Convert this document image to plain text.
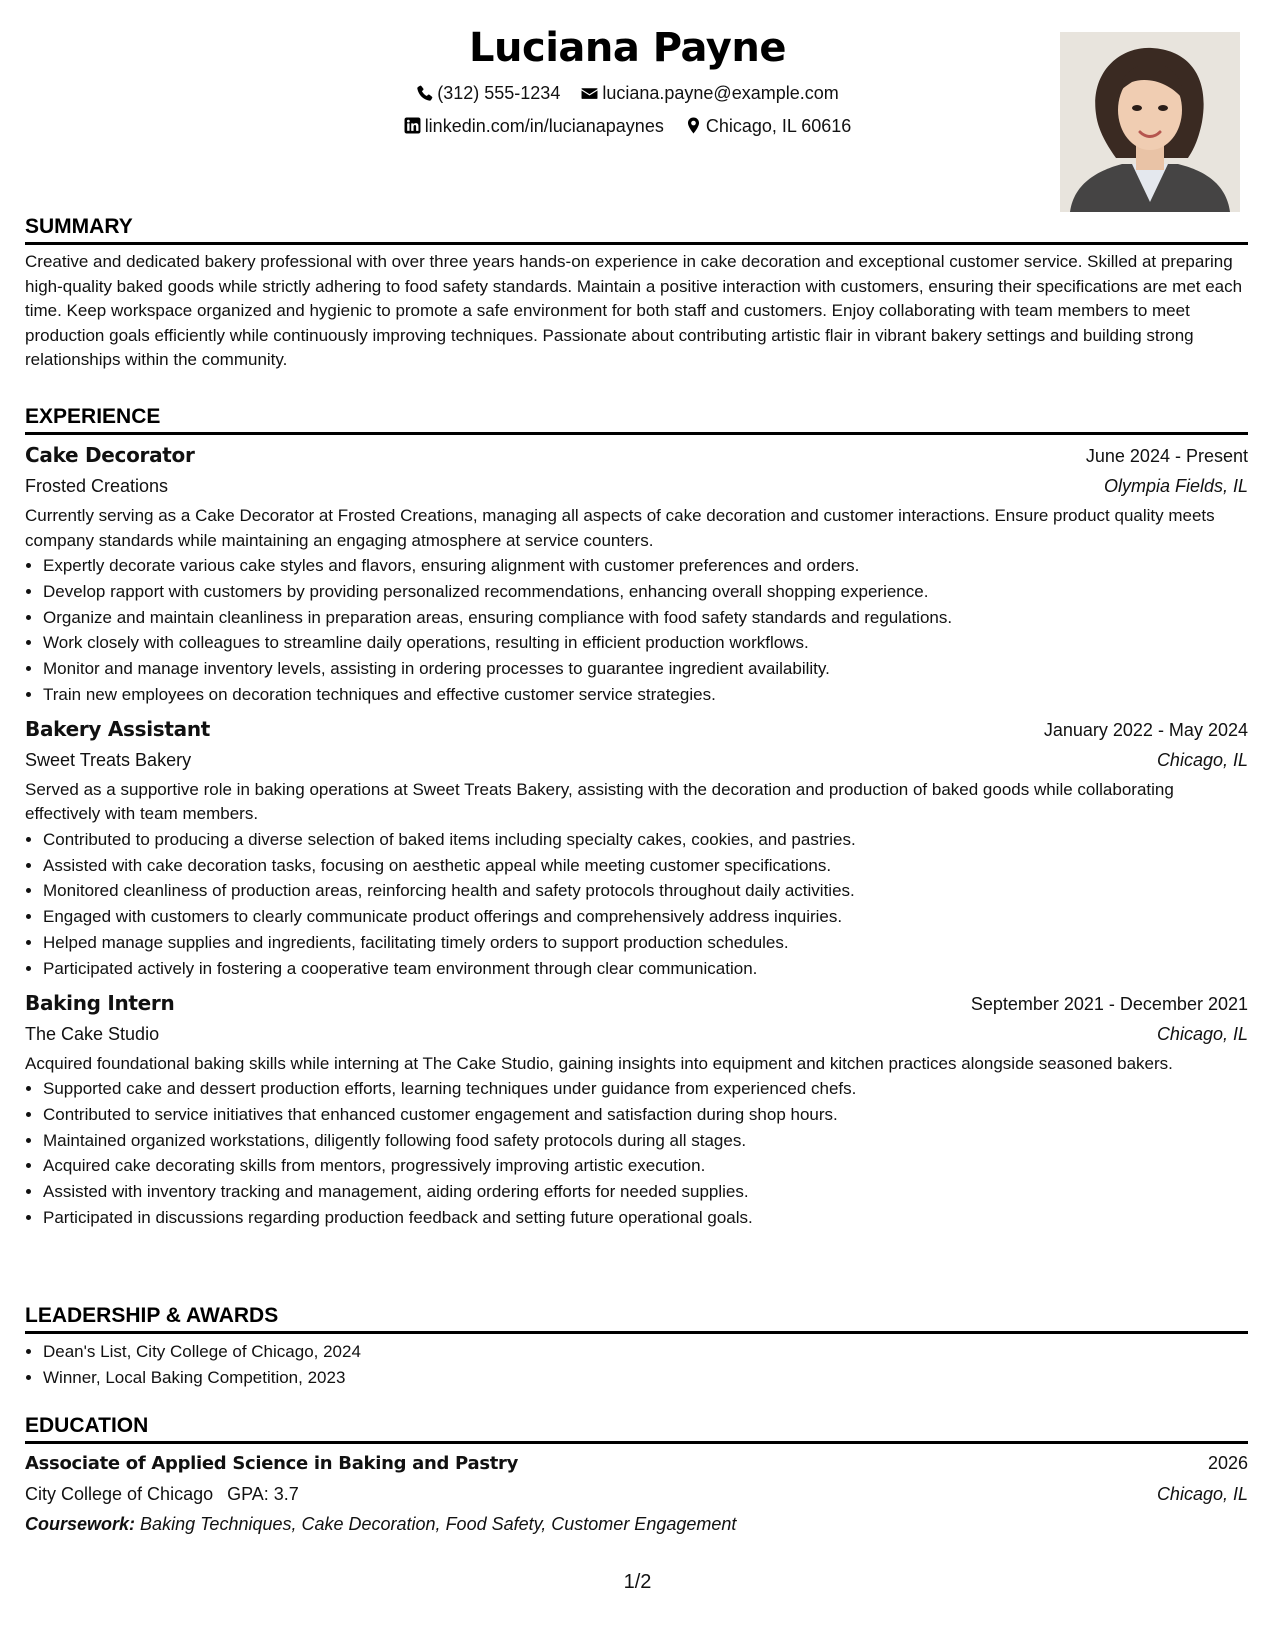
Luciana Payne
(312) 555-1234
luciana.payne@example.com
linkedin.com/in/lucianapaynes
Chicago, IL 60616
SUMMARY
Creative and dedicated bakery professional with over three years hands-on experience in cake decoration and exceptional customer service. Skilled at preparing high-quality baked goods while strictly adhering to food safety standards. Maintain a positive interaction with customers, ensuring their specifications are met each time. Keep workspace organized and hygienic to promote a safe environment for both staff and customers. Enjoy collaborating with team members to meet production goals efficiently while continuously improving techniques. Passionate about contributing artistic flair in vibrant bakery settings and building strong relationships within the community.
EXPERIENCE
Cake Decorator	June 2024 - Present
Frosted Creations	Olympia Fields, IL
Currently serving as a Cake Decorator at Frosted Creations, managing all aspects of cake decoration and customer interactions. Ensure product quality meets company standards while maintaining an engaging atmosphere at service counters.
• Expertly decorate various cake styles and flavors, ensuring alignment with customer preferences and orders.
• Develop rapport with customers by providing personalized recommendations, enhancing overall shopping experience.
• Organize and maintain cleanliness in preparation areas, ensuring compliance with food safety standards and regulations.
• Work closely with colleagues to streamline daily operations, resulting in efficient production workflows.
• Monitor and manage inventory levels, assisting in ordering processes to guarantee ingredient availability.
• Train new employees on decoration techniques and effective customer service strategies.
Bakery Assistant	January 2022 - May 2024
Sweet Treats Bakery	Chicago, IL
Served as a supportive role in baking operations at Sweet Treats Bakery, assisting with the decoration and production of baked goods while collaborating effectively with team members.
• Contributed to producing a diverse selection of baked items including specialty cakes, cookies, and pastries.
• Assisted with cake decoration tasks, focusing on aesthetic appeal while meeting customer specifications.
• Monitored cleanliness of production areas, reinforcing health and safety protocols throughout daily activities.
• Engaged with customers to clearly communicate product offerings and comprehensively address inquiries.
• Helped manage supplies and ingredients, facilitating timely orders to support production schedules.
• Participated actively in fostering a cooperative team environment through clear communication.
Baking Intern	September 2021 - December 2021
The Cake Studio	Chicago, IL
Acquired foundational baking skills while interning at The Cake Studio, gaining insights into equipment and kitchen practices alongside seasoned bakers.
• Supported cake and dessert production efforts, learning techniques under guidance from experienced chefs.
• Contributed to service initiatives that enhanced customer engagement and satisfaction during shop hours.
• Maintained organized workstations, diligently following food safety protocols during all stages.
• Acquired cake decorating skills from mentors, progressively improving artistic execution.
• Assisted with inventory tracking and management, aiding ordering efforts for needed supplies.
• Participated in discussions regarding production feedback and setting future operational goals.
LEADERSHIP & AWARDS
• Dean's List, City College of Chicago, 2024
• Winner, Local Baking Competition, 2023
EDUCATION
Associate of Applied Science in Baking and Pastry	2026
City College of Chicago GPA: 3.7	Chicago, IL
Coursework: Baking Techniques, Cake Decoration, Food Safety, Customer Engagement
1/2
